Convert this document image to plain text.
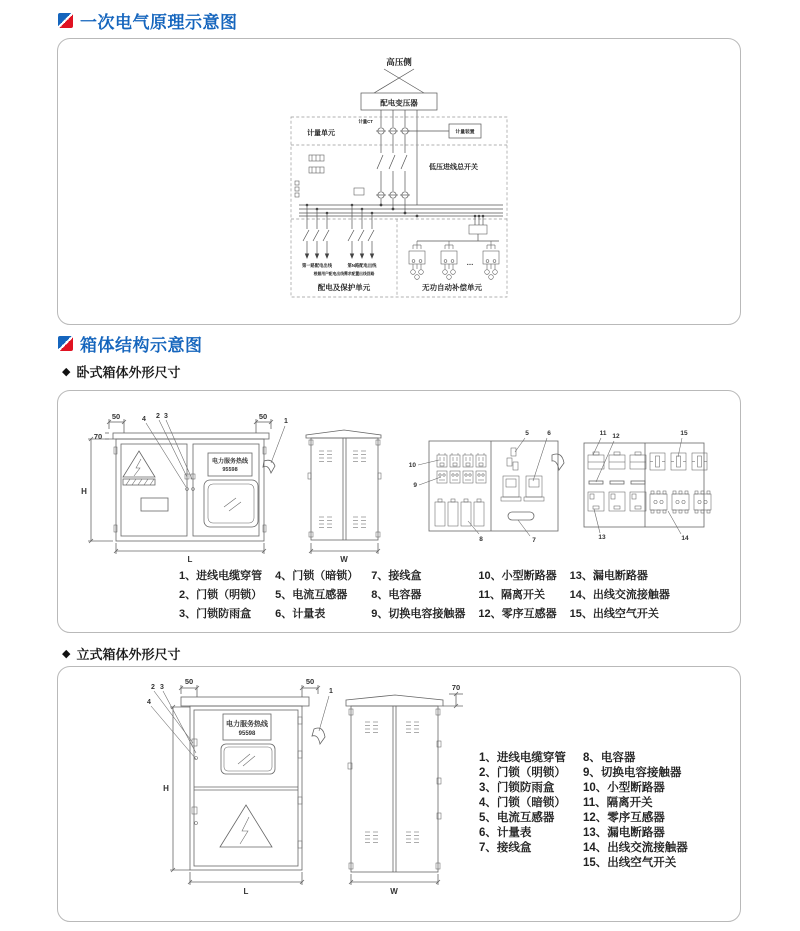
一次电气原理示意图
高压侧
配电变压器
计量单元
计量CT
计量装置
低压进线总开关
第一路配电出线	第N路配电出线
根据用户配电出线需求配置出线回路
配电及保护单元
…
无功自动补偿单元
箱体结构示意图
◆ 卧式箱体外形尺寸
50	50
4 2 3
1
70
电力服务热线
95598
H
L	W
10
9
8
5	6
7
11 12	15
13	14
1、进线电缆穿管
2、门锁（明锁）
3、门锁防雨盒
4、门锁（暗锁）
5、电流互感器
6、计量表
7、接线盒
8、电容器
9、切换电容接触器
10、小型断路器
11、隔离开关
12、零序互感器
13、漏电断路器
14、出线交流接触器
15、出线空气开关
◆ 立式箱体外形尺寸
2 3
4
50	50
1
电力服务热线
95598
H
L
70
W
1、进线电缆穿管
2、门锁（明锁）
3、门锁防雨盒
4、门锁（暗锁）
5、电流互感器
6、计量表
7、接线盒
8、电容器
9、切换电容接触器
10、小型断路器
11、隔离开关
12、零序互感器
13、漏电断路器
14、出线交流接触器
15、出线空气开关
